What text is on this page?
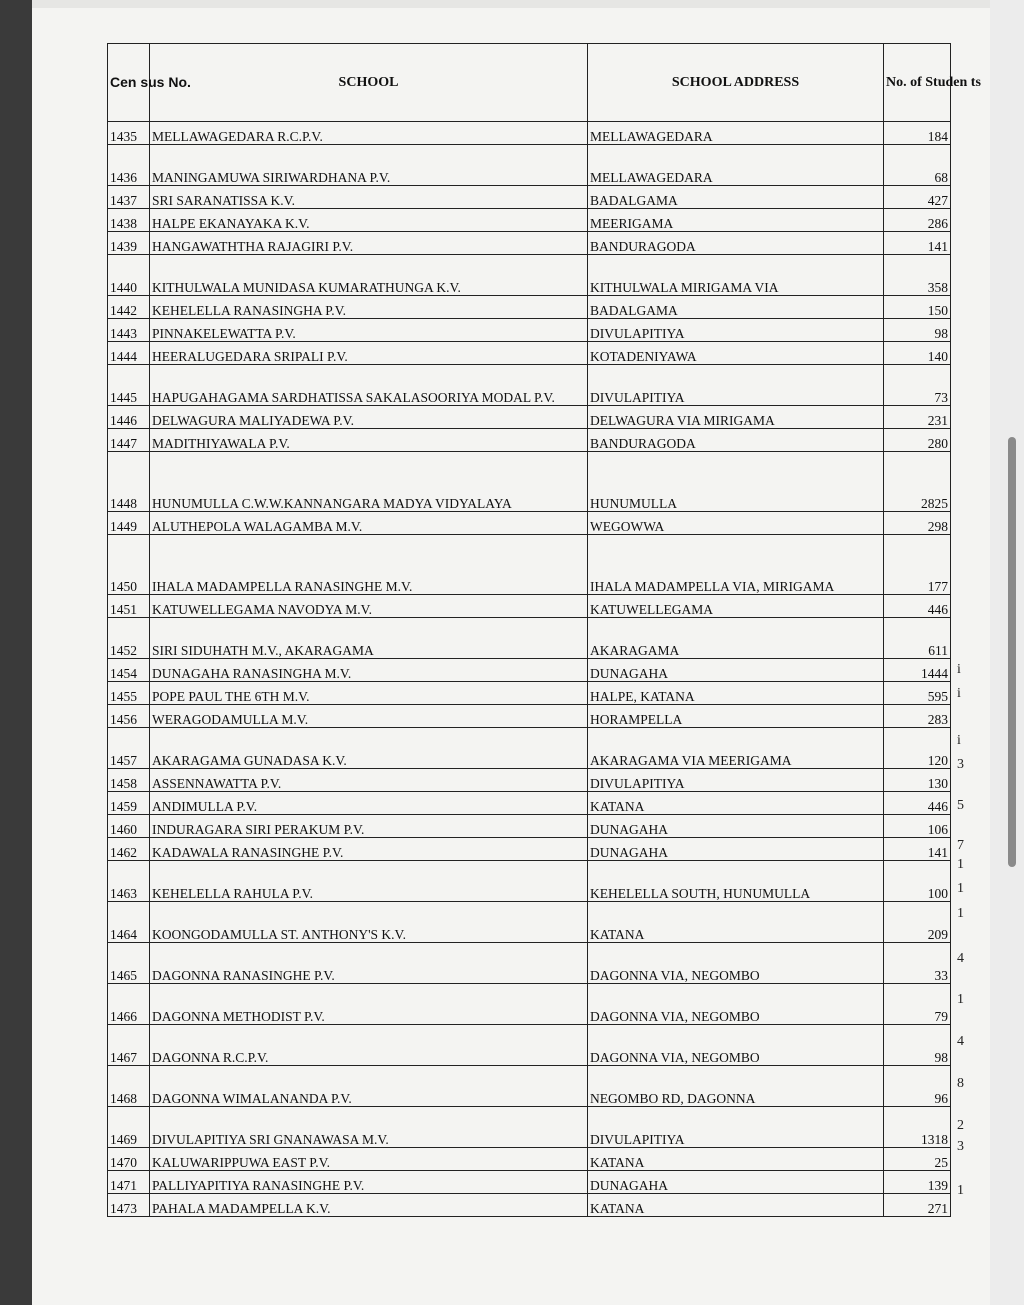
Cen sus No.	SCHOOL	SCHOOL ADDRESS	No. of Studen ts
1435	MELLAWAGEDARA R.C.P.V.	MELLAWAGEDARA	184
1436	MANINGAMUWA SIRIWARDHANA P.V.	MELLAWAGEDARA	68
1437	SRI SARANATISSA K.V.	BADALGAMA	427
1438	HALPE EKANAYAKA K.V.	MEERIGAMA	286
1439	HANGAWATHTHA RAJAGIRI P.V.	BANDURAGODA	141
1440	KITHULWALA MUNIDASA KUMARATHUNGA K.V.	KITHULWALA MIRIGAMA VIA	358
1442	KEHELELLA RANASINGHA P.V.	BADALGAMA	150
1443	PINNAKELEWATTA P.V.	DIVULAPITIYA	98
1444	HEERALUGEDARA SRIPALI P.V.	KOTADENIYAWA	140
1445	HAPUGAHAGAMA SARDHATISSA SAKALASOORIYA MODAL P.V.	DIVULAPITIYA	73
1446	DELWAGURA MALIYADEWA P.V.	DELWAGURA VIA MIRIGAMA	231
1447	MADITHIYAWALA P.V.	BANDURAGODA	280
1448	HUNUMULLA C.W.W.KANNANGARA MADYA VIDYALAYA	HUNUMULLA	2825
1449	ALUTHEPOLA WALAGAMBA M.V.	WEGOWWA	298
1450	IHALA MADAMPELLA RANASINGHE M.V.	IHALA MADAMPELLA VIA, MIRIGAMA	177
1451	KATUWELLEGAMA NAVODYA M.V.	KATUWELLEGAMA	446
1452	SIRI SIDUHATH M.V., AKARAGAMA	AKARAGAMA	611
1454	DUNAGAHA RANASINGHA M.V.	DUNAGAHA	1444
1455	POPE PAUL THE 6TH M.V.	HALPE, KATANA	595
1456	WERAGODAMULLA M.V.	HORAMPELLA	283
1457	AKARAGAMA GUNADASA K.V.	AKARAGAMA VIA MEERIGAMA	120
1458	ASSENNAWATTA P.V.	DIVULAPITIYA	130
1459	ANDIMULLA P.V.	KATANA	446
1460	INDURAGARA SIRI PERAKUM P.V.	DUNAGAHA	106
1462	KADAWALA RANASINGHE P.V.	DUNAGAHA	141
1463	KEHELELLA RAHULA P.V.	KEHELELLA SOUTH, HUNUMULLA	100
1464	KOONGODAMULLA ST. ANTHONY'S K.V.	KATANA	209
1465	DAGONNA RANASINGHE P.V.	DAGONNA VIA, NEGOMBO	33
1466	DAGONNA METHODIST P.V.	DAGONNA VIA, NEGOMBO	79
1467	DAGONNA R.C.P.V.	DAGONNA VIA, NEGOMBO	98
1468	DAGONNA WIMALANANDA P.V.	NEGOMBO RD, DAGONNA	96
1469	DIVULAPITIYA SRI GNANAWASA M.V.	DIVULAPITIYA	1318
1470	KALUWARIPPUWA EAST P.V.	KATANA	25
1471	PALLIYAPITIYA RANASINGHE P.V.	DUNAGAHA	139
1473	PAHALA MADAMPELLA K.V.	KATANA	271
i
i
i
3
5
7
1
1
1
4
1
4
8
2
3
1
